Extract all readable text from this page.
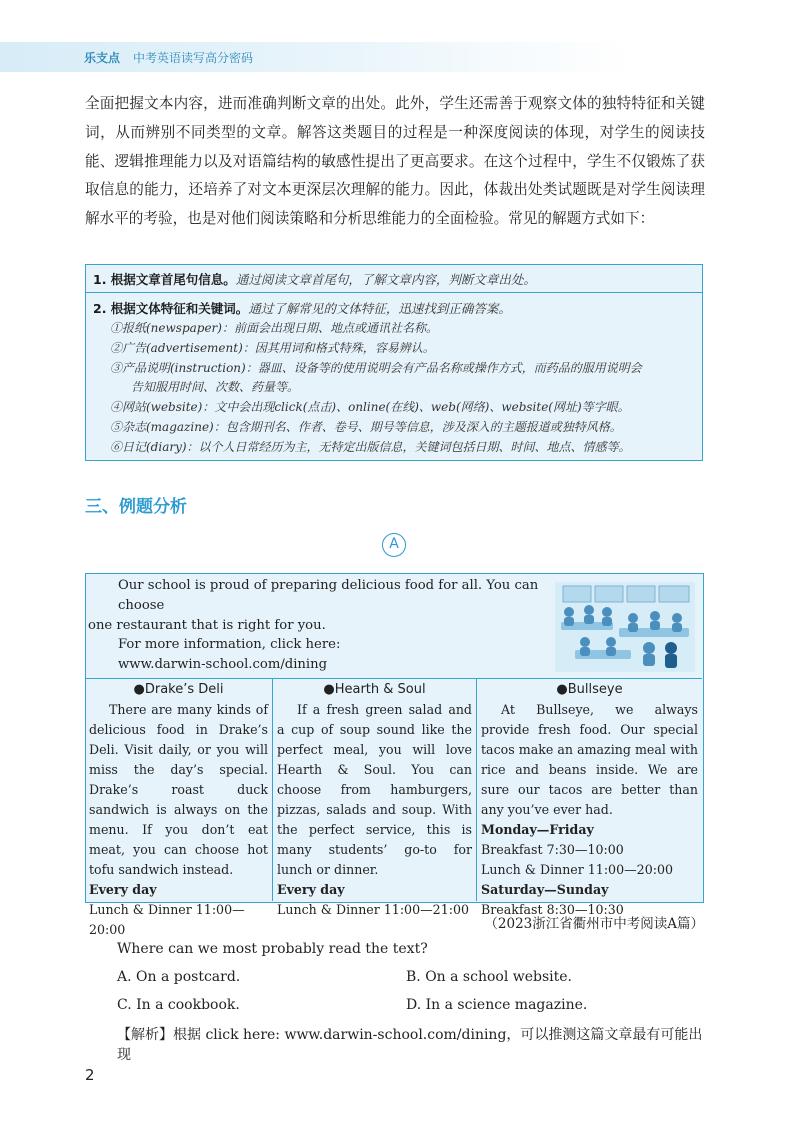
乐支点 中考英语读写高分密码

全面把握文本内容，进而准确判断文章的出处。此外，学生还需善于观察文体的独特特征和关键词，从而辨别不同类型的文章。解答这类题目的过程是一种深度阅读的体现，对学生的阅读技能、逻辑推理能力以及对语篇结构的敏感性提出了更高要求。在这个过程中，学生不仅锻炼了获取信息的能力，还培养了对文本更深层次理解的能力。因此，体裁出处类试题既是对学生阅读理解水平的考验，也是对他们阅读策略和分析思维能力的全面检验。常见的解题方式如下：

1. 根据文章首尾句信息。通过阅读文章首尾句，了解文章内容，判断文章出处。
2. 根据文体特征和关键词。通过了解常见的文体特征，迅速找到正确答案。

①报纸(newspaper)：前面会出现日期、地点或通讯社名称。

②广告(advertisement)：因其用词和格式特殊，容易辨认。

③产品说明(instruction)：器皿、设备等的使用说明会有产品名称或操作方式，而药品的服用说明会

告知服用时间、次数、药量等。

④网站(website)：文中会出现click(点击)、online(在线)、web(网络)、website(网址)等字眼。

⑤杂志(magazine)：包含期刊名、作者、卷号、期号等信息，涉及深入的主题报道或独特风格。

⑥日记(diary)：以个人日常经历为主，无特定出版信息，关键词包括日期、时间、地点、情感等。

三、例题分析
A

Our school is proud of preparing delicious food for all. You can choose

one restaurant that is right for you.

For more information, click here:

www.darwin-school.com/dining

●Drake’s Deli

There are many kinds of delicious food in Drake’s Deli. Visit daily, or you will miss the day’s special. Drake’s roast duck sandwich is always on the menu. If you don’t eat meat, you can choose hot tofu sandwich instead.

Every day
Lunch & Dinner 11:00—20:00
●Hearth & Soul

If a fresh green salad and a cup of soup sound like the perfect meal, you will love Hearth & Soul. You can choose from hamburgers, pizzas, salads and soup. With the perfect service, this is many students’ go-to for lunch or dinner.

Every day
Lunch & Dinner 11:00—21:00
●Bullseye

At Bullseye, we always provide fresh food. Our special tacos make an amazing meal with rice and beans inside. We are sure our tacos are better than any you’ve ever had.

Monday—Friday
Breakfast 7:30—10:00
Lunch & Dinner 11:00—20:00
Saturday—Sunday
Breakfast 8:30—10:30
（2023浙江省衢州市中考阅读A篇）
Where can we most probably read the text?
A. On a postcard.	B. On a school website.
C. In a cookbook.	D. In a science magazine.
【解析】根据 click here: www.darwin-school.com/dining，可以推测这篇文章最有可能出现
2
